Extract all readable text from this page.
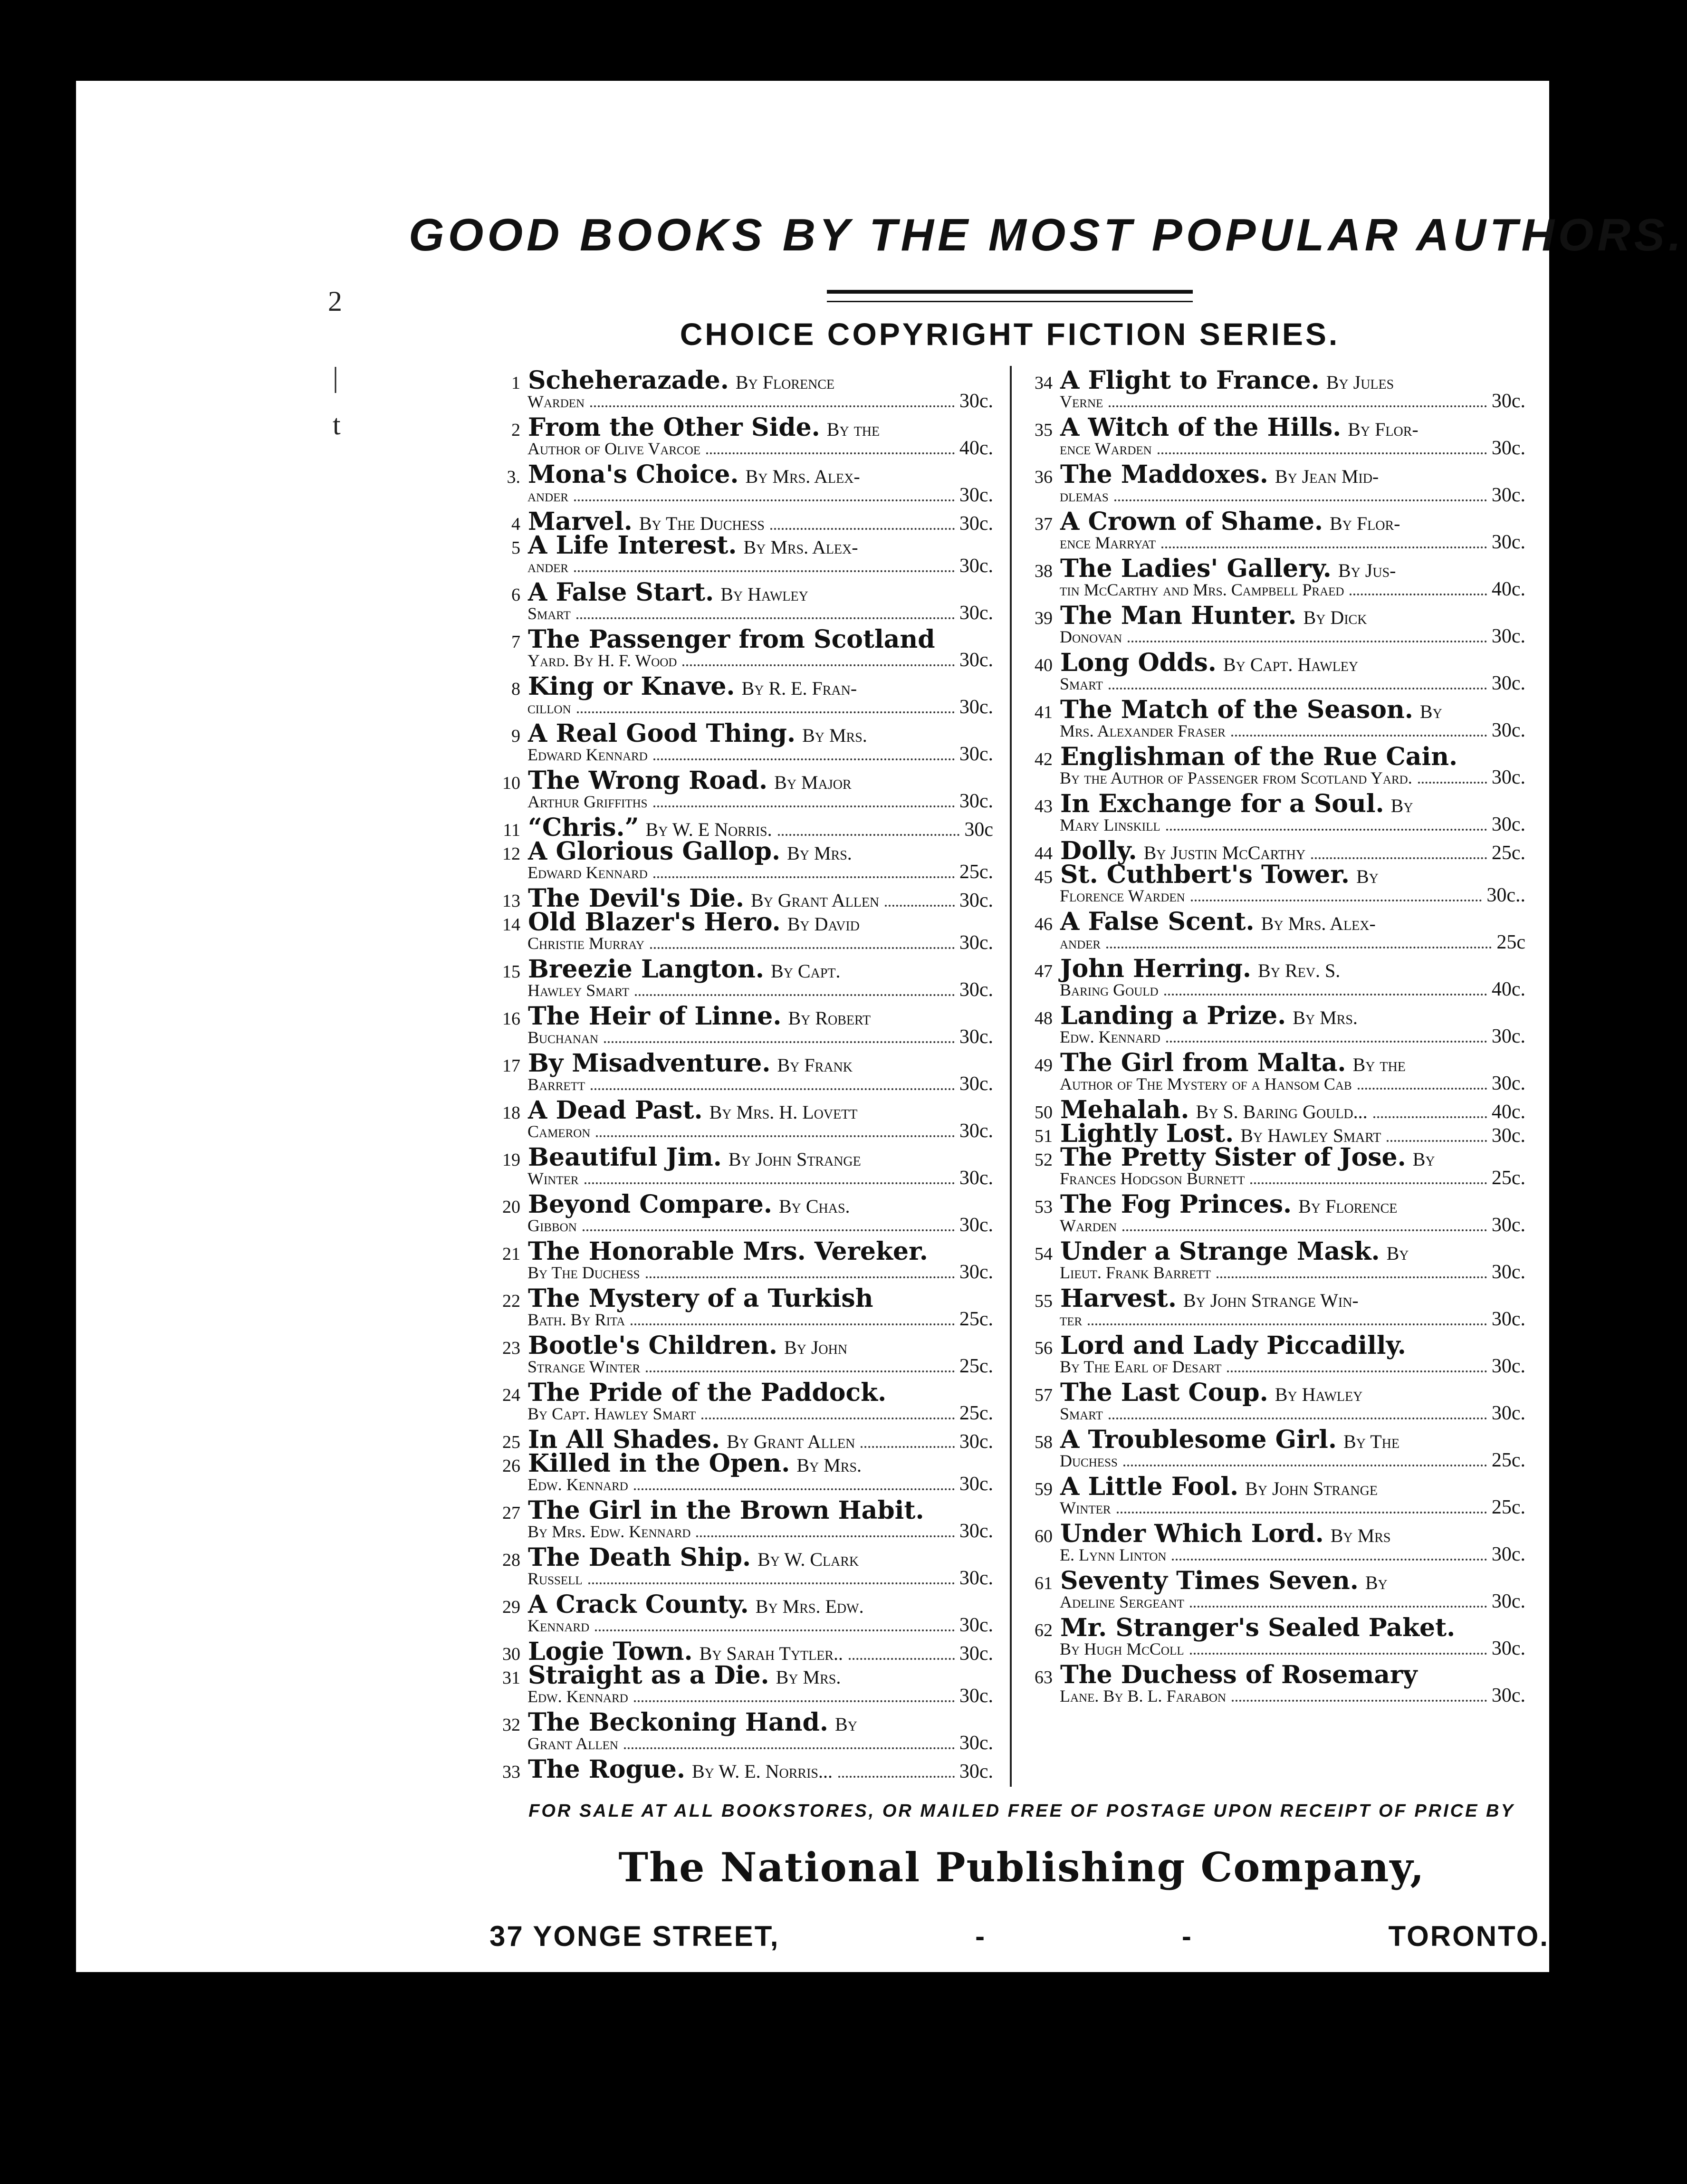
2
|
t
GOOD BOOKS BY THE MOST POPULAR AUTHORS.
CHOICE COPYRIGHT FICTION SERIES.
1 Scheherazade. By Florence
Warden	30c.
2 From the Other Side. By the
Author of Olive Varcoe	40c.
3. Mona's Choice. By Mrs. Alex-
ander	30c.
4 Marvel. By The Duchess	30c.
5 A Life Interest. By Mrs. Alex-
ander	30c.
6 A False Start. By Hawley
Smart	30c.
7 The Passenger from Scotland
Yard. By H. F. Wood	30c.
8 King or Knave. By R. E. Fran-
cillon	30c.
9 A Real Good Thing. By Mrs.
Edward Kennard	30c.
10 The Wrong Road. By Major
Arthur Griffiths	30c.
11 “Chris.” By W. E Norris.	30c
12 A Glorious Gallop. By Mrs.
Edward Kennard	25c.
13 The Devil's Die. By Grant Allen	30c.
14 Old Blazer's Hero. By David
Christie Murray	30c.
15 Breezie Langton. By Capt.
Hawley Smart	30c.
16 The Heir of Linne. By Robert
Buchanan	30c.
17 By Misadventure. By Frank
Barrett	30c.
18 A Dead Past. By Mrs. H. Lovett
Cameron	30c.
19 Beautiful Jim. By John Strange
Winter	30c.
20 Beyond Compare. By Chas.
Gibbon	30c.
21 The Honorable Mrs. Vereker.
By The Duchess	30c.
22 The Mystery of a Turkish
Bath. By Rita	25c.
23 Bootle's Children. By John
Strange Winter	25c.
24 The Pride of the Paddock.
By Capt. Hawley Smart	25c.
25 In All Shades. By Grant Allen	30c.
26 Killed in the Open. By Mrs.
Edw. Kennard	30c.
27 The Girl in the Brown Habit.
By Mrs. Edw. Kennard	30c.
28 The Death Ship. By W. Clark
Russell	30c.
29 A Crack County. By Mrs. Edw.
Kennard	30c.
30 Logie Town. By Sarah Tytler..	30c.
31 Straight as a Die. By Mrs.
Edw. Kennard	30c.
32 The Beckoning Hand. By
Grant Allen	30c.
33 The Rogue. By W. E. Norris...	30c.
34 A Flight to France. By Jules
Verne	30c.
35 A Witch of the Hills. By Flor-
ence Warden	30c.
36 The Maddoxes. By Jean Mid-
dlemas	30c.
37 A Crown of Shame. By Flor-
ence Marryat	30c.
38 The Ladies' Gallery. By Jus-
tin McCarthy and Mrs. Campbell Praed	40c.
39 The Man Hunter. By Dick
Donovan	30c.
40 Long Odds. By Capt. Hawley
Smart	30c.
41 The Match of the Season. By
Mrs. Alexander Fraser	30c.
42 Englishman of the Rue Cain.
By the Author of Passenger from Scotland Yard.	30c.
43 In Exchange for a Soul. By
Mary Linskill	30c.
44 Dolly. By Justin McCarthy	25c.
45 St. Cuthbert's Tower. By
Florence Warden	30c..
46 A False Scent. By Mrs. Alex-
ander	25c
47 John Herring. By Rev. S.
Baring Gould	40c.
48 Landing a Prize. By Mrs.
Edw. Kennard	30c.
49 The Girl from Malta. By the
Author of The Mystery of a Hansom Cab	30c.
50 Mehalah. By S. Baring Gould...	40c.
51 Lightly Lost. By Hawley Smart	30c.
52 The Pretty Sister of Jose. By
Frances Hodgson Burnett	25c.
53 The Fog Princes. By Florence
Warden	30c.
54 Under a Strange Mask. By
Lieut. Frank Barrett	30c.
55 Harvest. By John Strange Win-
ter	30c.
56 Lord and Lady Piccadilly.
By The Earl of Desart	30c.
57 The Last Coup. By Hawley
Smart	30c.
58 A Troublesome Girl. By The
Duchess	25c.
59 A Little Fool. By John Strange
Winter	25c.
60 Under Which Lord. By Mrs
E. Lynn Linton	30c.
61 Seventy Times Seven. By
Adeline Sergeant	30c.
62 Mr. Stranger's Sealed Paket.
By Hugh McColl	30c.
63 The Duchess of Rosemary
Lane. By B. L. Farabon	30c.
FOR SALE AT ALL BOOKSTORES, OR MAILED FREE OF POSTAGE UPON RECEIPT OF PRICE BY
The National Publishing Company,
37 YONGE STREET,	-	-	TORONTO.
